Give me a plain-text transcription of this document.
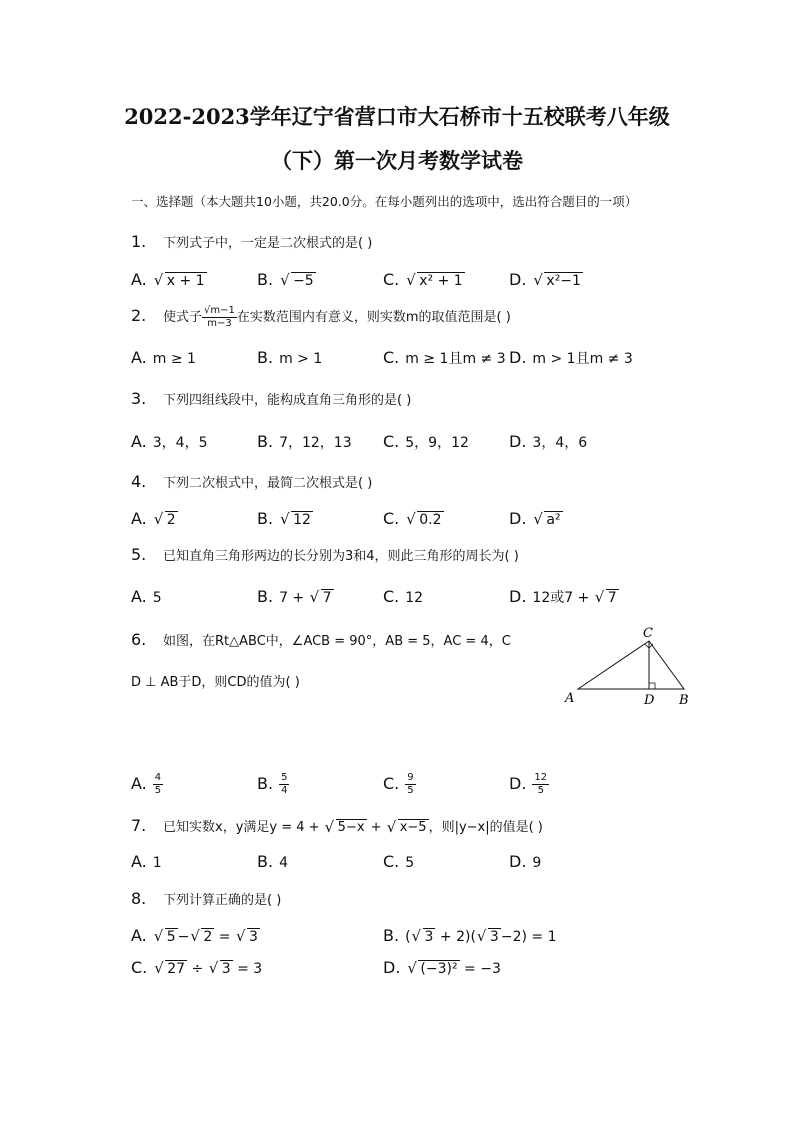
2022-2023学年辽宁省营口市大石桥市十五校联考八年级
（下）第一次月考数学试卷
一、选择题（本大题共10小题，共20.0分。在每小题列出的选项中，选出符合题目的一项）
1. 下列式子中，一定是二次根式的是( )
A. √ x + 1	B. √ −5	C. √ x² + 1	D. √ x²−1
2. 使式子 $\frac{√m-1}{m-3}$ 在实数范围内有意义，则实数m的取值范围是( )
A. m ≥ 1	B. m > 1	C. m ≥ 1且m ≠ 3 D. m > 1且m ≠ 3
3. 下列四组线段中，能构成直角三角形的是( )
A. 3，4，5	B. 7，12，13 C. 5，9，12	D. 3，4，6
4. 下列二次根式中，最简二次根式是( )
A. √ 2	B. √ 12	C. √ 0.2	D. √ a²
5. 已知直角三角形两边的长分别为3和4，则此三角形的周长为( )
A. 5	B. 7 + √ 7	C. 12	D. 12或7 + √ 7
6. 如图，在Rt△ABC中，∠ACB = 90°，AB = 5，AC = 4，C
D ⊥ AB于D，则CD的值为( )
C
A	D B
A. $\frac{4}{5}$	B. $\frac{5}{4}$	C. $\frac{9}{5}$	D. $\frac{12}{5}$
7. 已知实数x，y满足y = 4 + √ 5−x + √ x−5 ，则|y−x|的值是( )
A. 1	B. 4	C. 5	D. 9
8. 下列计算正确的是( )
A. √ 5 − √ 2 = √ 3	B. ( √ 3 + 2)( √ 3 −2) = 1
C. √ 27 ÷ √ 3 = 3	D. √ (−3)² = −3
